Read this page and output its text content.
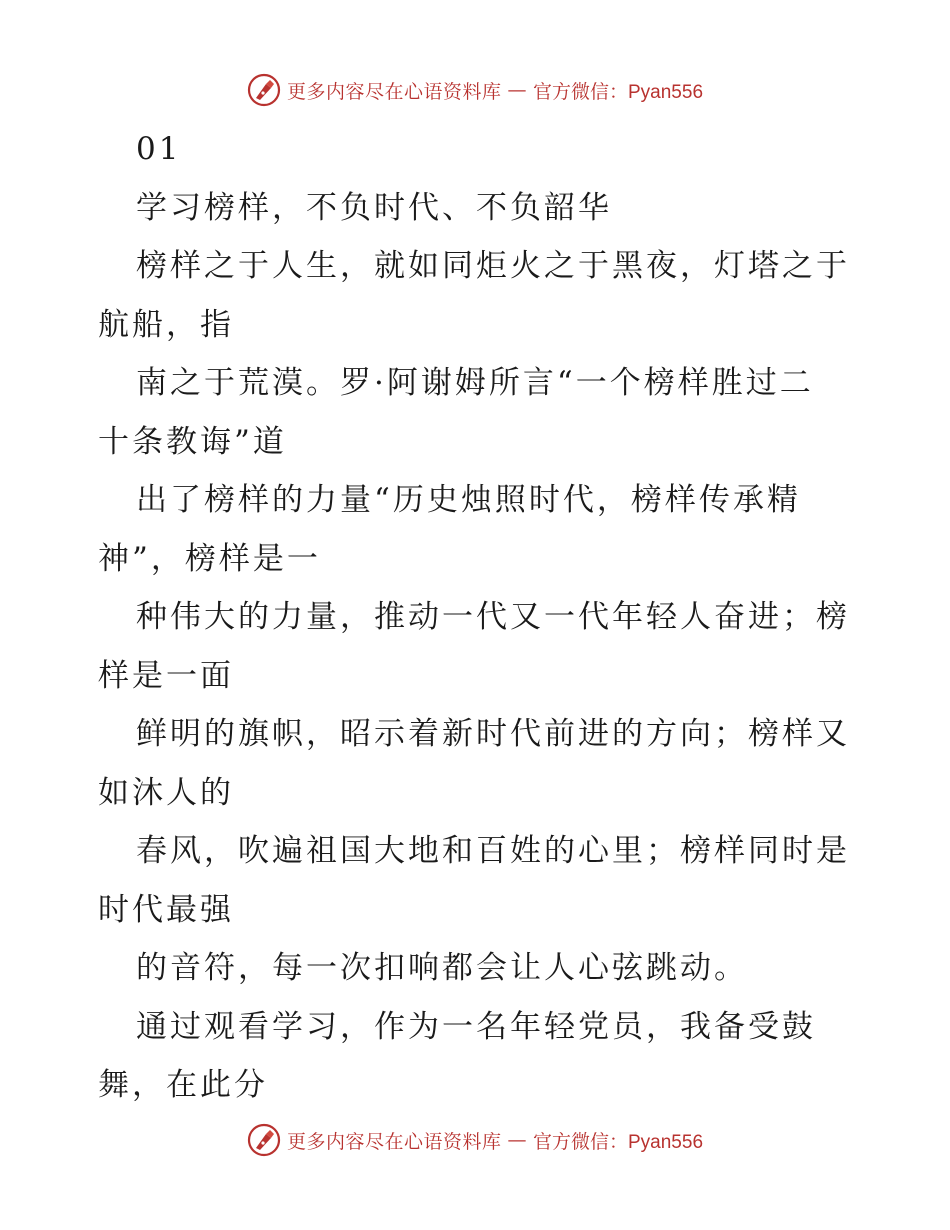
更多内容尽在心语资料库 — 官方微信：Pyan556
01
学习榜样，不负时代、不负韶华
榜样之于人生，就如同炬火之于黑夜，灯塔之于
航船，指
南之于荒漠。罗·阿谢姆所言“一个榜样胜过二
十条教诲”道
出了榜样的力量“历史烛照时代，榜样传承精
神”，榜样是一
种伟大的力量，推动一代又一代年轻人奋进；榜
样是一面
鲜明的旗帜，昭示着新时代前进的方向；榜样又
如沐人的
春风，吹遍祖国大地和百姓的心里；榜样同时是
时代最强
的音符，每一次扣响都会让人心弦跳动。
通过观看学习，作为一名年轻党员，我备受鼓
舞，在此分
更多内容尽在心语资料库 — 官方微信：Pyan556
